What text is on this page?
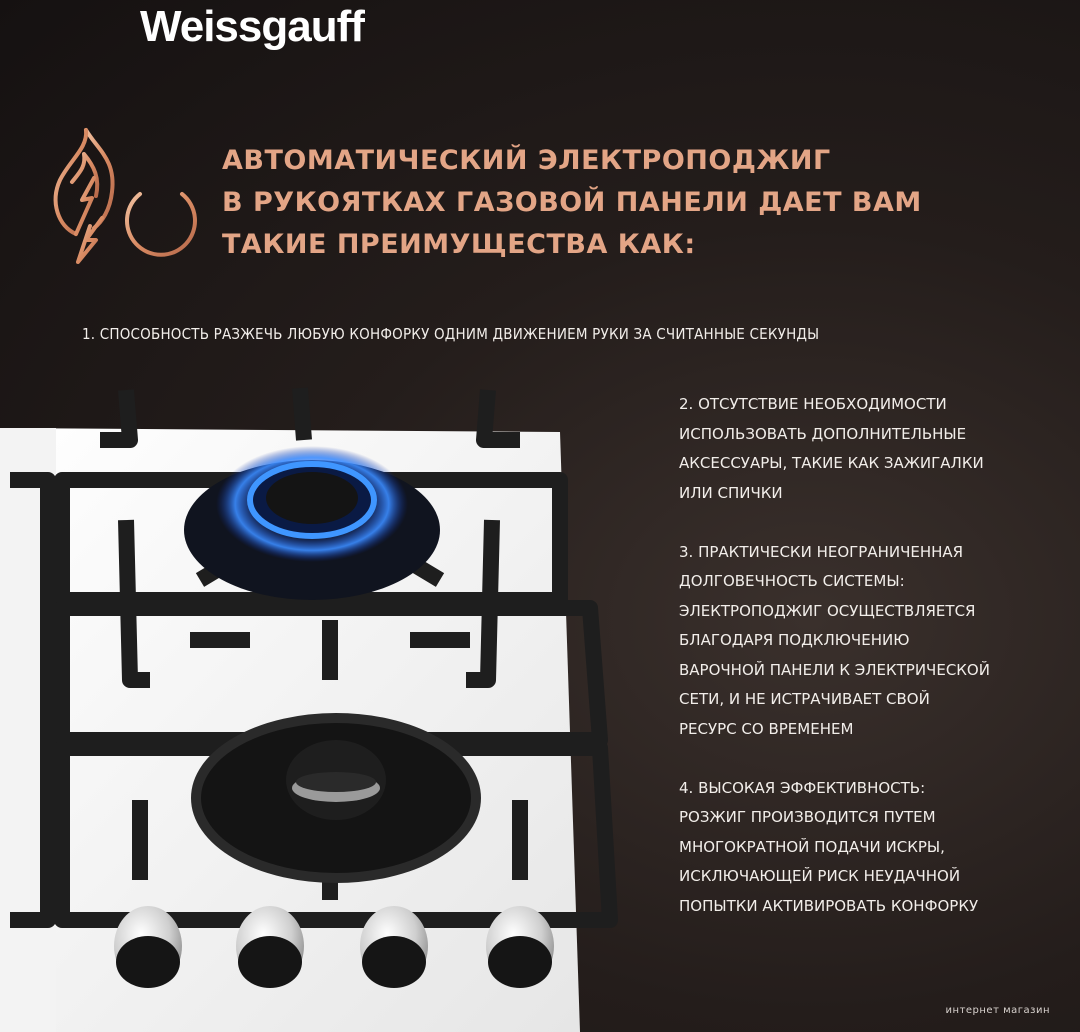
Weissgauff
АВТОМАТИЧЕСКИЙ ЭЛЕКТРОПОДЖИГ
В РУКОЯТКАХ ГАЗОВОЙ ПАНЕЛИ ДАЕТ ВАМ
ТАКИЕ ПРЕИМУЩЕСТВА КАК:
1. СПОСОБНОСТЬ РАЗЖЕЧЬ ЛЮБУЮ КОНФОРКУ ОДНИМ ДВИЖЕНИЕМ РУКИ ЗА СЧИТАННЫЕ СЕКУНДЫ
2. ОТСУТСТВИЕ НЕОБХОДИМОСТИ
ИСПОЛЬЗОВАТЬ ДОПОЛНИТЕЛЬНЫЕ
АКСЕССУАРЫ, ТАКИЕ КАК ЗАЖИГАЛКИ
ИЛИ СПИЧКИ
3. ПРАКТИЧЕСКИ НЕОГРАНИЧЕННАЯ
ДОЛГОВЕЧНОСТЬ СИСТЕМЫ:
ЭЛЕКТРОПОДЖИГ ОСУЩЕСТВЛЯЕТСЯ
БЛАГОДАРЯ ПОДКЛЮЧЕНИЮ
ВАРОЧНОЙ ПАНЕЛИ К ЭЛЕКТРИЧЕСКОЙ
СЕТИ, И НЕ ИСТРАЧИВАЕТ СВОЙ
РЕСУРС СО ВРЕМЕНЕМ
4. ВЫСОКАЯ ЭФФЕКТИВНОСТЬ:
РОЗЖИГ ПРОИЗВОДИТСЯ ПУТЕМ
МНОГОКРАТНОЙ ПОДАЧИ ИСКРЫ,
ИСКЛЮЧАЮЩЕЙ РИСК НЕУДАЧНОЙ
ПОПЫТКИ АКТИВИРОВАТЬ КОНФОРКУ
интернет магазин
